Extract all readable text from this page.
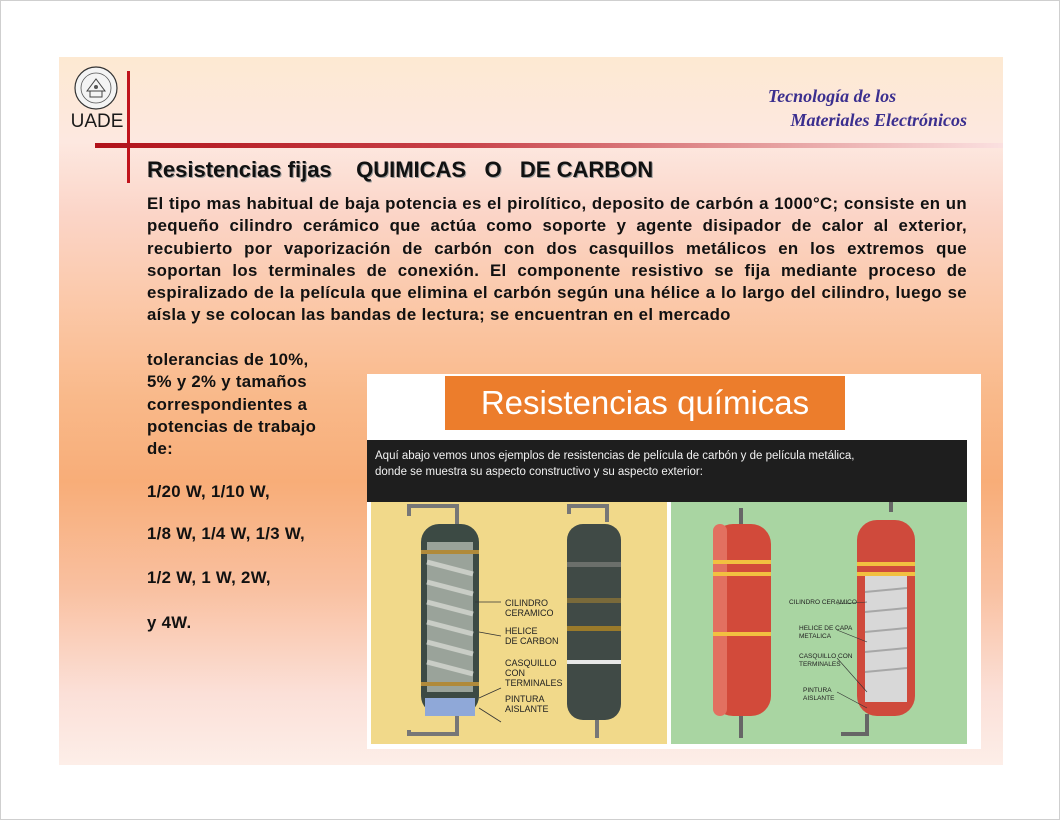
UADE
Tecnología de los
Materiales Electrónicos
Resistencias fijas    QUIMICAS   O   DE CARBON
El tipo mas habitual de baja potencia es el pirolítico, deposito de carbón a 1000°C; consiste en un pequeño cilindro cerámico que actúa como soporte y agente disipador de calor al exterior, recubierto por vaporización de carbón con dos casquillos metálicos en los extremos que soportan los terminales de conexión. El componente resistivo se fija mediante proceso de espiralizado de la película que elimina el carbón según una hélice a lo largo del cilindro, luego se aísla y se colocan las bandas de lectura; se encuentran en el mercado
tolerancias de 10%,
5% y 2% y tamaños
correspondientes a
potencias de trabajo
de:
1/20 W, 1/10 W,
1/8 W, 1/4 W, 1/3 W,
1/2 W, 1 W, 2W,
y 4W.
Resistencias químicas
Aquí abajo vemos unos ejemplos de resistencias de película de carbón y de película metálica,
donde se muestra su aspecto constructivo y su aspecto exterior:
CILINDRO
CERAMICO
HELICE
DE CARBON
CASQUILLO
CON
TERMINALES
PINTURA
AISLANTE
CILINDRO CERAMICO
HELICE DE CAPA
METALICA
CASQUILLO CON
TERMINALES
PINTURA
AISLANTE
